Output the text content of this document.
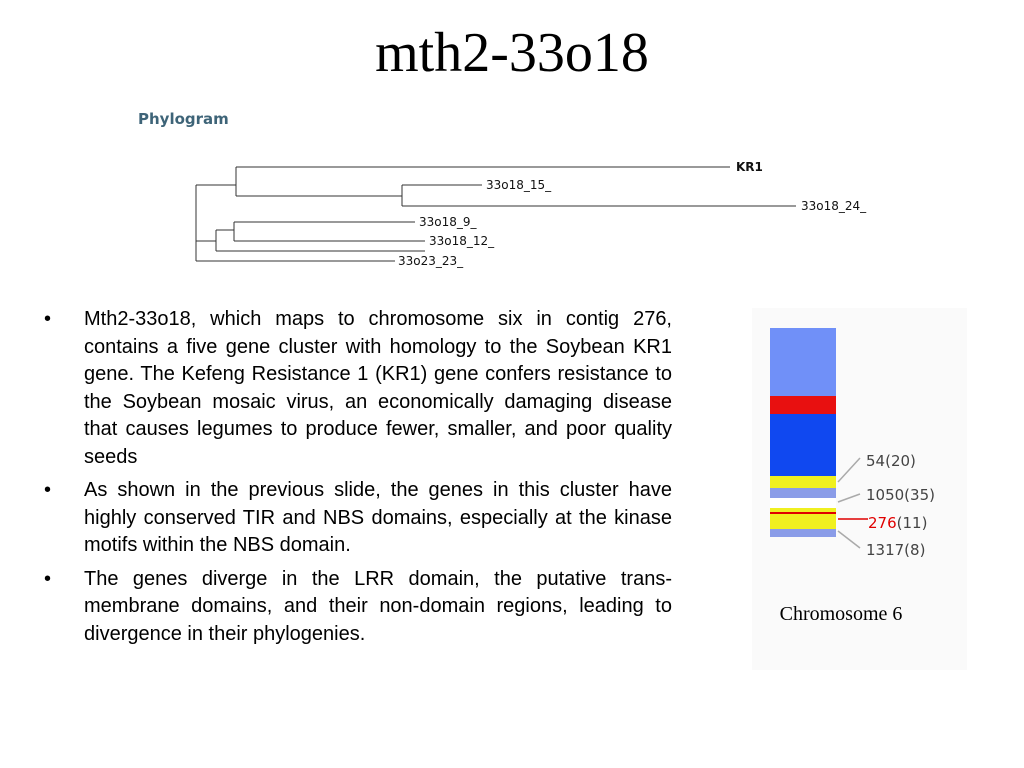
mth2-33o18
Phylogram
KR1
33o18_15_
33o18_24_
33o18_9_
33o18_12_
33o23_23_
• Mth2-33o18, which maps to chromosome six in contig 276, contains a five gene cluster with homology to the Soybean KR1 gene. The Kefeng Resistance 1 (KR1) gene confers resistance to the Soybean mosaic virus, an economically damaging disease that causes legumes to produce fewer, smaller, and poor quality seeds
• As shown in the previous slide, the genes in this cluster have highly conserved TIR and NBS domains, especially at the kinase motifs within the NBS domain.
• The genes diverge in the LRR domain, the putative trans-membrane domains, and their non-domain regions, leading to divergence in their phylogenies.
54(20)
1050(35)
276(11)
1317(8)
Chromosome 6
